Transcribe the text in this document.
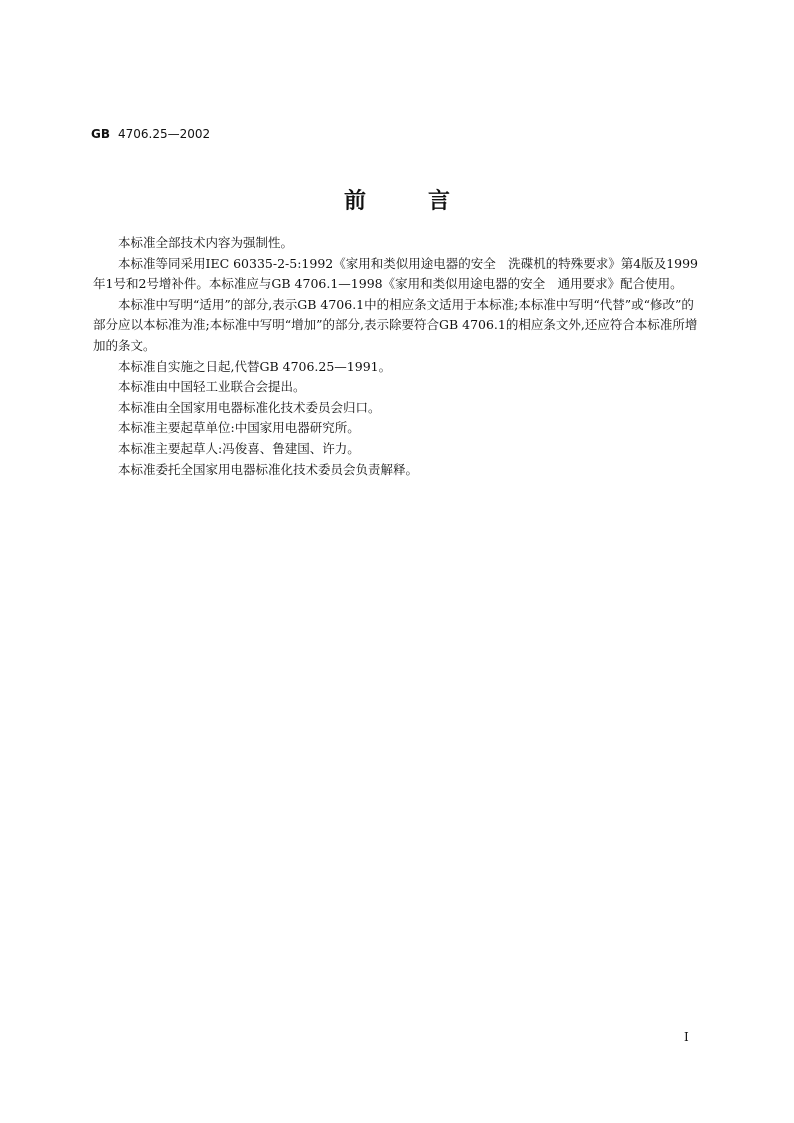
GB 4706.25—2002
前言

本标准全部技术内容为强制性。

本标准等同采用IEC 60335-2-5:1992《家用和类似用途电器的安全　洗碟机的特殊要求》第4版及1999年1号和2号增补件。本标准应与GB 4706.1—1998《家用和类似用途电器的安全　通用要求》配合使用。

本标准中写明“适用”的部分,表示GB 4706.1中的相应条文适用于本标准;本标准中写明“代替”或“修改”的部分应以本标准为准;本标准中写明“增加”的部分,表示除要符合GB 4706.1的相应条文外,还应符合本标准所增加的条文。

本标准自实施之日起,代替GB 4706.25—1991。

本标准由中国轻工业联合会提出。

本标准由全国家用电器标准化技术委员会归口。

本标准主要起草单位:中国家用电器研究所。

本标准主要起草人:冯俊喜、鲁建国、许力。

本标准委托全国家用电器标准化技术委员会负责解释。

I
